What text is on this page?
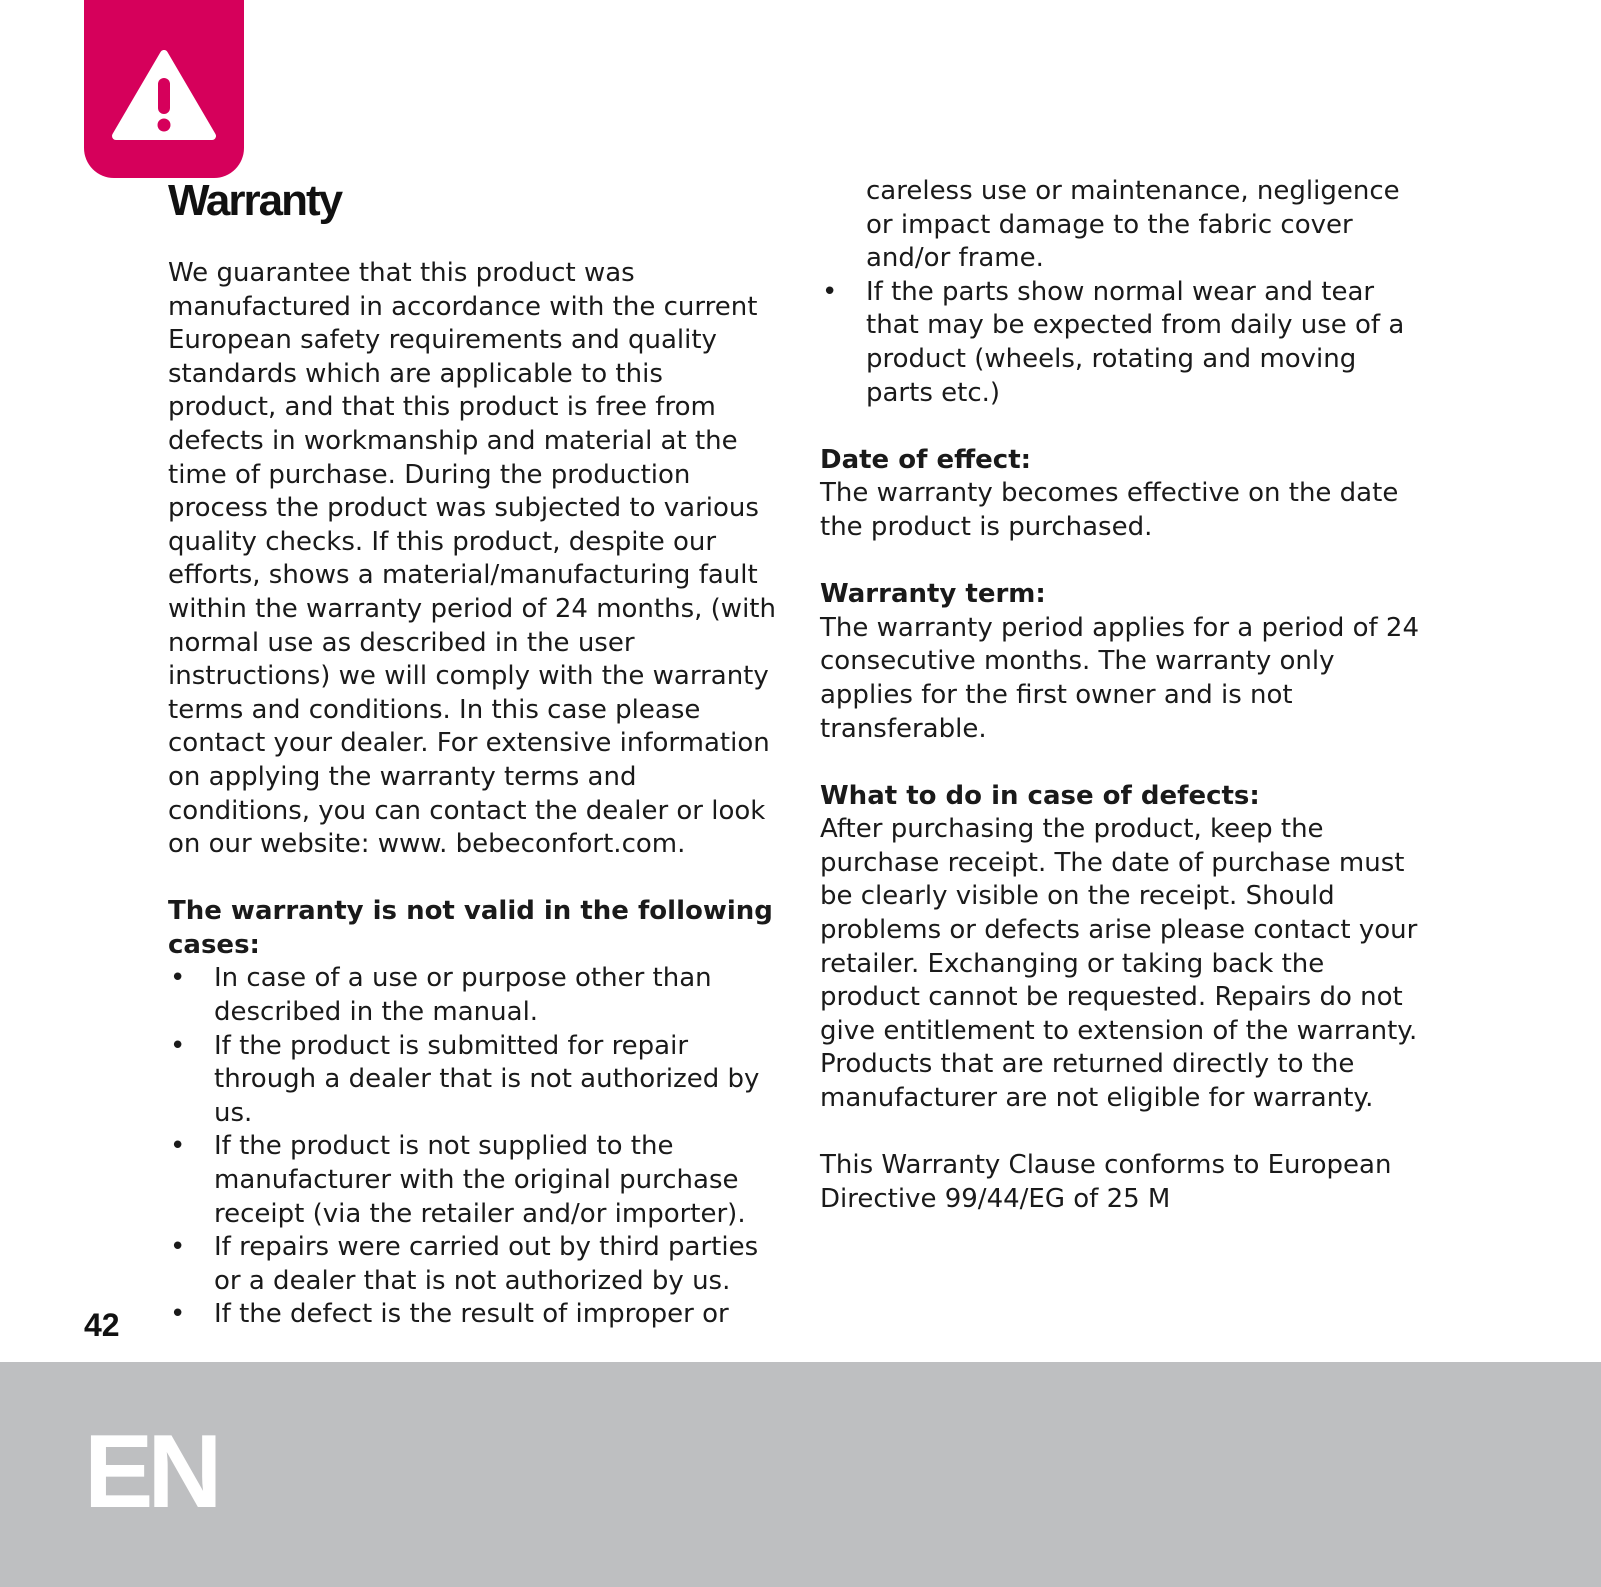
Warranty

We guarantee that this product was manufactured in accordance with the current European safety requirements and quality standards which are applicable to this product, and that this product is free from defects in workmanship and material at the time of purchase. During the production process the product was subjected to various quality checks. If this product, despite our efforts, shows a material/manufacturing fault within the warranty period of 24 months, (with normal use as described in the user instructions) we will comply with the warranty terms and conditions. In this case please contact your dealer. For extensive information on applying the warranty terms and conditions, you can contact the dealer or look on our website: www. bebeconfort.com.

The warranty is not valid in the following cases:

• In case of a use or purpose other than described in the manual.
• If the product is submitted for repair through a dealer that is not authorized by us.
• If the product is not supplied to the manufacturer with the original purchase receipt (via the retailer and/or importer).
• If repairs were carried out by third parties or a dealer that is not authorized by us.
• If the defect is the result of improper or

careless use or maintenance, negligence or impact damage to the fabric cover and/or frame.

• If the parts show normal wear and tear that may be expected from daily use of a product (wheels, rotating and moving parts etc.)

Date of effect:

The warranty becomes effective on the date the product is purchased.

Warranty term:

The warranty period applies for a period of 24 consecutive months. The warranty only applies for the first owner and is not transferable.

What to do in case of defects:

After purchasing the product, keep the purchase receipt. The date of purchase must be clearly visible on the receipt. Should problems or defects arise please contact your retailer. Exchanging or taking back the product cannot be requested. Repairs do not give entitlement to extension of the warranty. Products that are returned directly to the manufacturer are not eligible for warranty.

This Warranty Clause conforms to European Directive 99/44/EG of 25 M

42
EN
